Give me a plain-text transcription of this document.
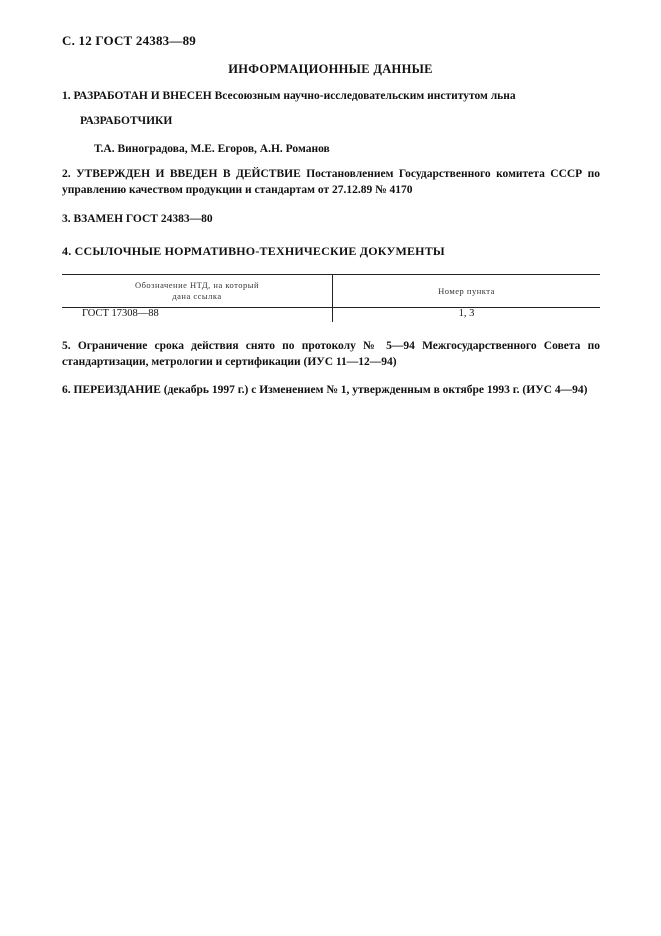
С. 12 ГОСТ 24383—89
ИНФОРМАЦИОННЫЕ ДАННЫЕ
1. РАЗРАБОТАН И ВНЕСЕН Всесоюзным научно-исследовательским институтом льна
РАЗРАБОТЧИКИ
Т.А. Виноградова, М.Е. Егоров, А.Н. Романов
2. УТВЕРЖДЕН И ВВЕДЕН В ДЕЙСТВИЕ Постановлением Государственного комитета СССР по управлению качеством продукции и стандартам от 27.12.89 № 4170
3. ВЗАМЕН ГОСТ 24383—80
4. ССЫЛОЧНЫЕ НОРМАТИВНО-ТЕХНИЧЕСКИЕ ДОКУМЕНТЫ
Обозначение НТД, на который
дана ссылка	Номер пункта
ГОСТ 17308—88	1, 3
5. Ограничение срока действия снято по протоколу № 5—94 Межгосударственного Совета по стандартизации, метрологии и сертификации (ИУС 11—12—94)
6. ПЕРЕИЗДАНИЕ (декабрь 1997 г.) с Изменением № 1, утвержденным в октябре 1993 г. (ИУС 4—94)
